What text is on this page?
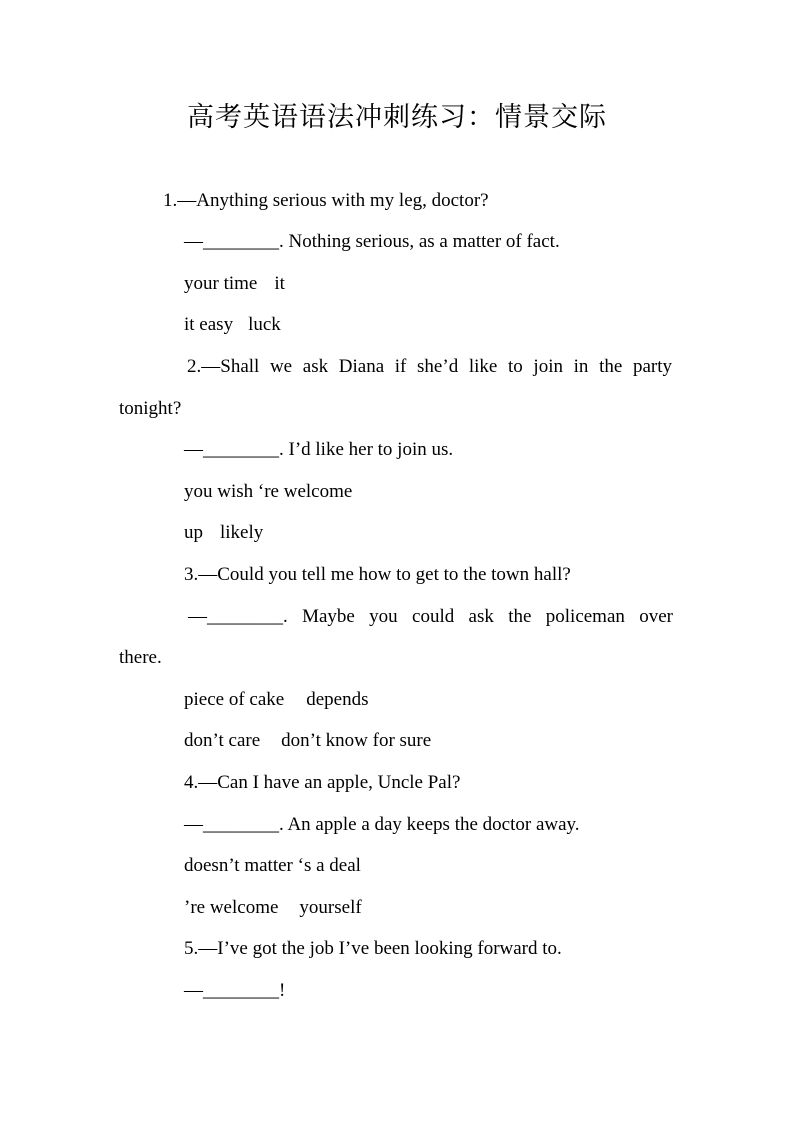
高考英语语法冲刺练习：情景交际
1.—Anything serious with my leg, doctor?
—________. Nothing serious, as a matter of fact.
your time it
it easy luck
2.—Shall we ask Diana if she’d like to join in the party
tonight?
—________. I’d like her to join us.
you wish ‘re welcome
up likely
3.—Could you tell me how to get to the town hall?
—________. Maybe you could ask the policeman over
there.
piece of cake depends
don’t care don’t know for sure
4.—Can I have an apple, Uncle Pal?
—________. An apple a day keeps the doctor away.
doesn’t matter ‘s a deal
’re welcome yourself
5.—I’ve got the job I’ve been looking forward to.
—________!
